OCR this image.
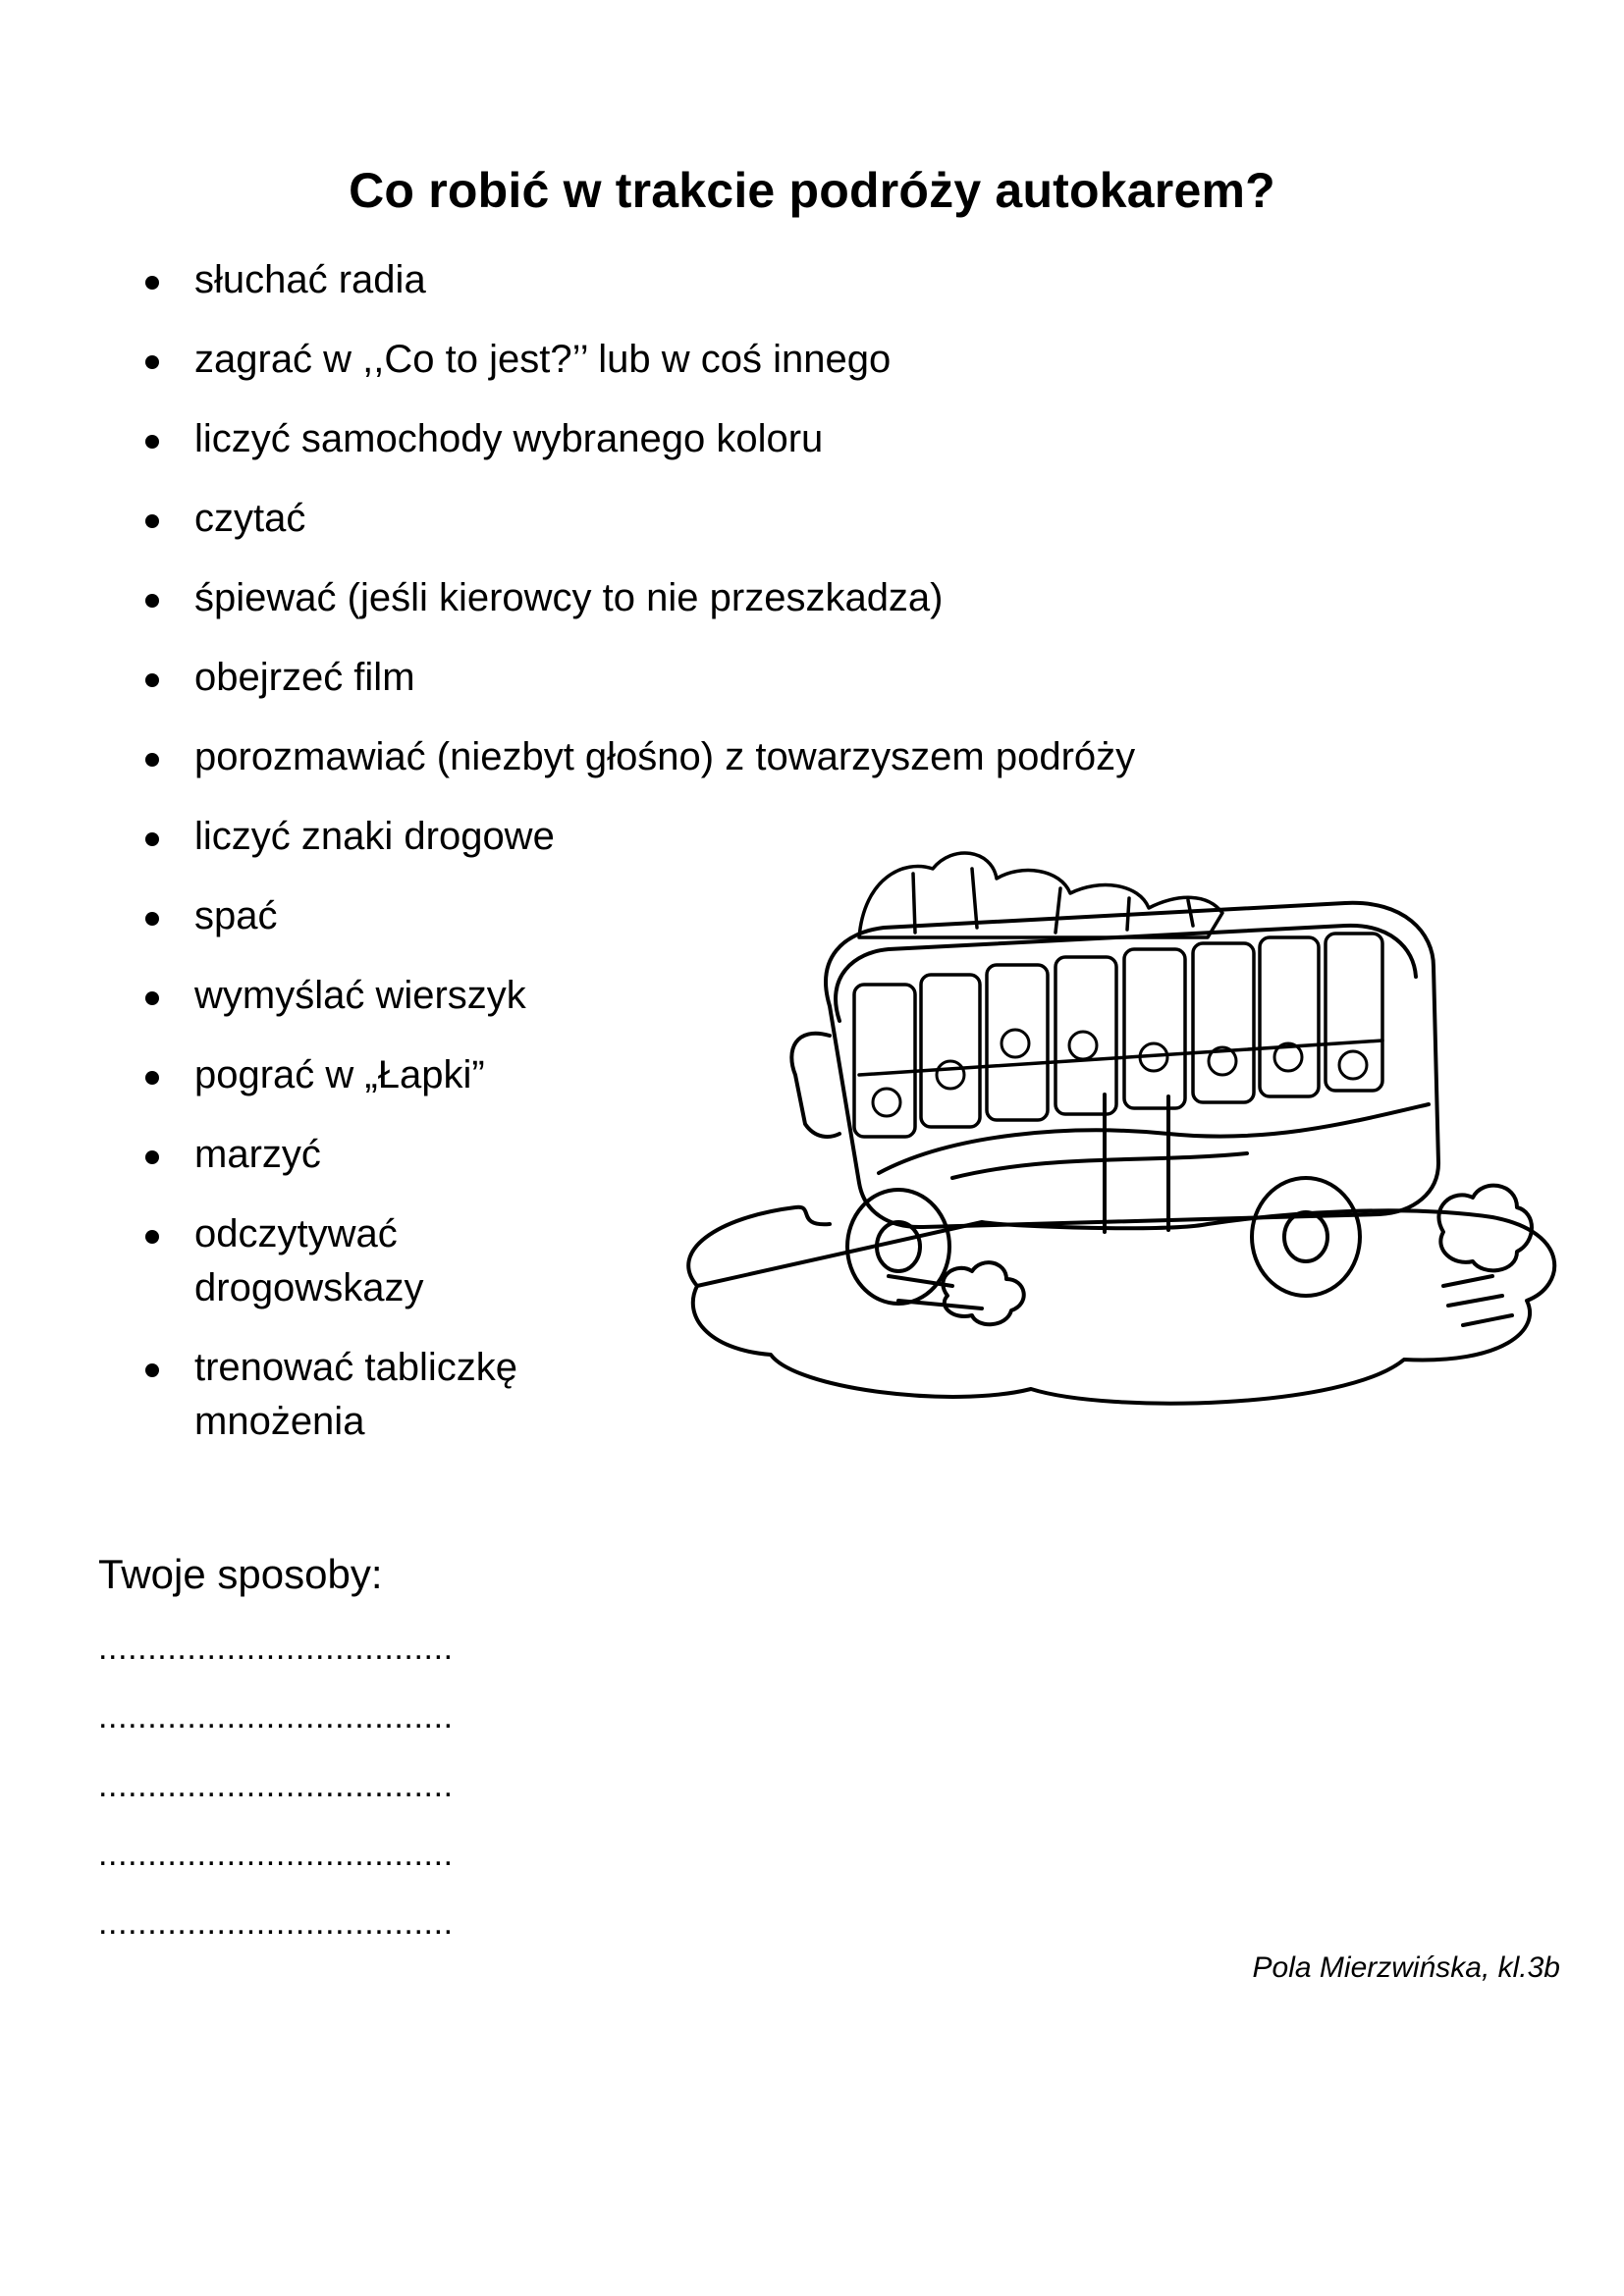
Co robić w trakcie podróży autokarem?
słuchać radia
zagrać w ,,Co to jest?’’ lub w coś innego
liczyć samochody wybranego koloru
czytać
śpiewać (jeśli kierowcy to nie przeszkadza)
obejrzeć film
porozmawiać (niezbyt głośno) z towarzyszem podróży
liczyć znaki drogowe
spać
wymyślać wierszyk
pograć w „Łapki”
marzyć
odczytywać drogowskazy
trenować tabliczkę mnożenia
Twoje sposoby:
....................................
....................................
....................................
....................................
....................................
Pola Mierzwińska, kl.3b
